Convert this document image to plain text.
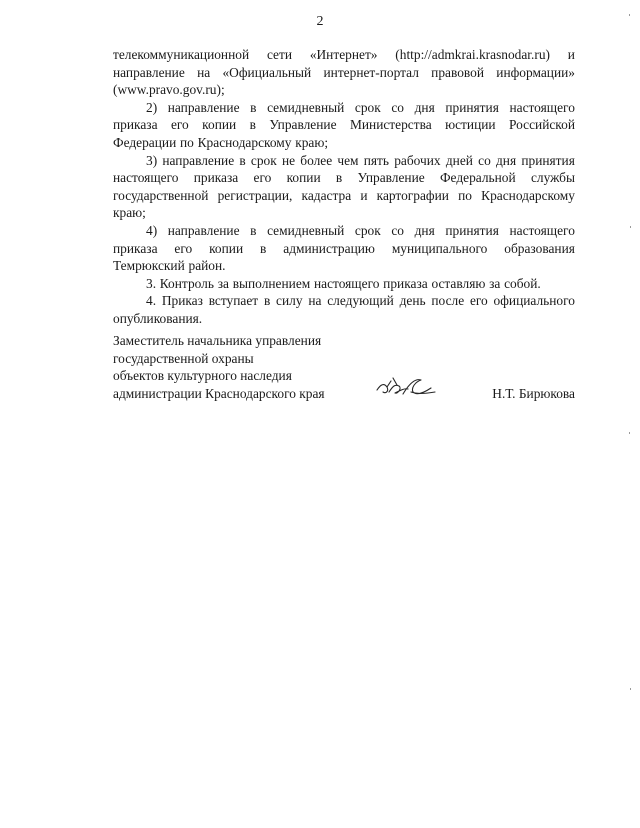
2
телекоммуникационной сети «Интернет» (http://admkrai.krasnodar.ru) и
направление на «Официальный интернет-портал правовой информации»
(www.pravo.gov.ru);
2) направление в семидневный срок со дня принятия настоящего
приказа его копии в Управление Министерства юстиции Российской
Федерации по Краснодарскому краю;
3) направление в срок не более чем пять рабочих дней со дня принятия
настоящего приказа его копии в Управление Федеральной службы
государственной регистрации, кадастра и картографии по Краснодарскому
краю;
4) направление в семидневный срок со дня принятия настоящего
приказа его копии в администрацию муниципального образования
Темрюкский район.
3. Контроль за выполнением настоящего приказа оставляю за собой.
4. Приказ вступает в силу на следующий день после его официального
опубликования.
Заместитель начальника управления
государственной охраны
объектов культурного наследия
администрации Краснодарского края	Н.Т. Бирюкова
